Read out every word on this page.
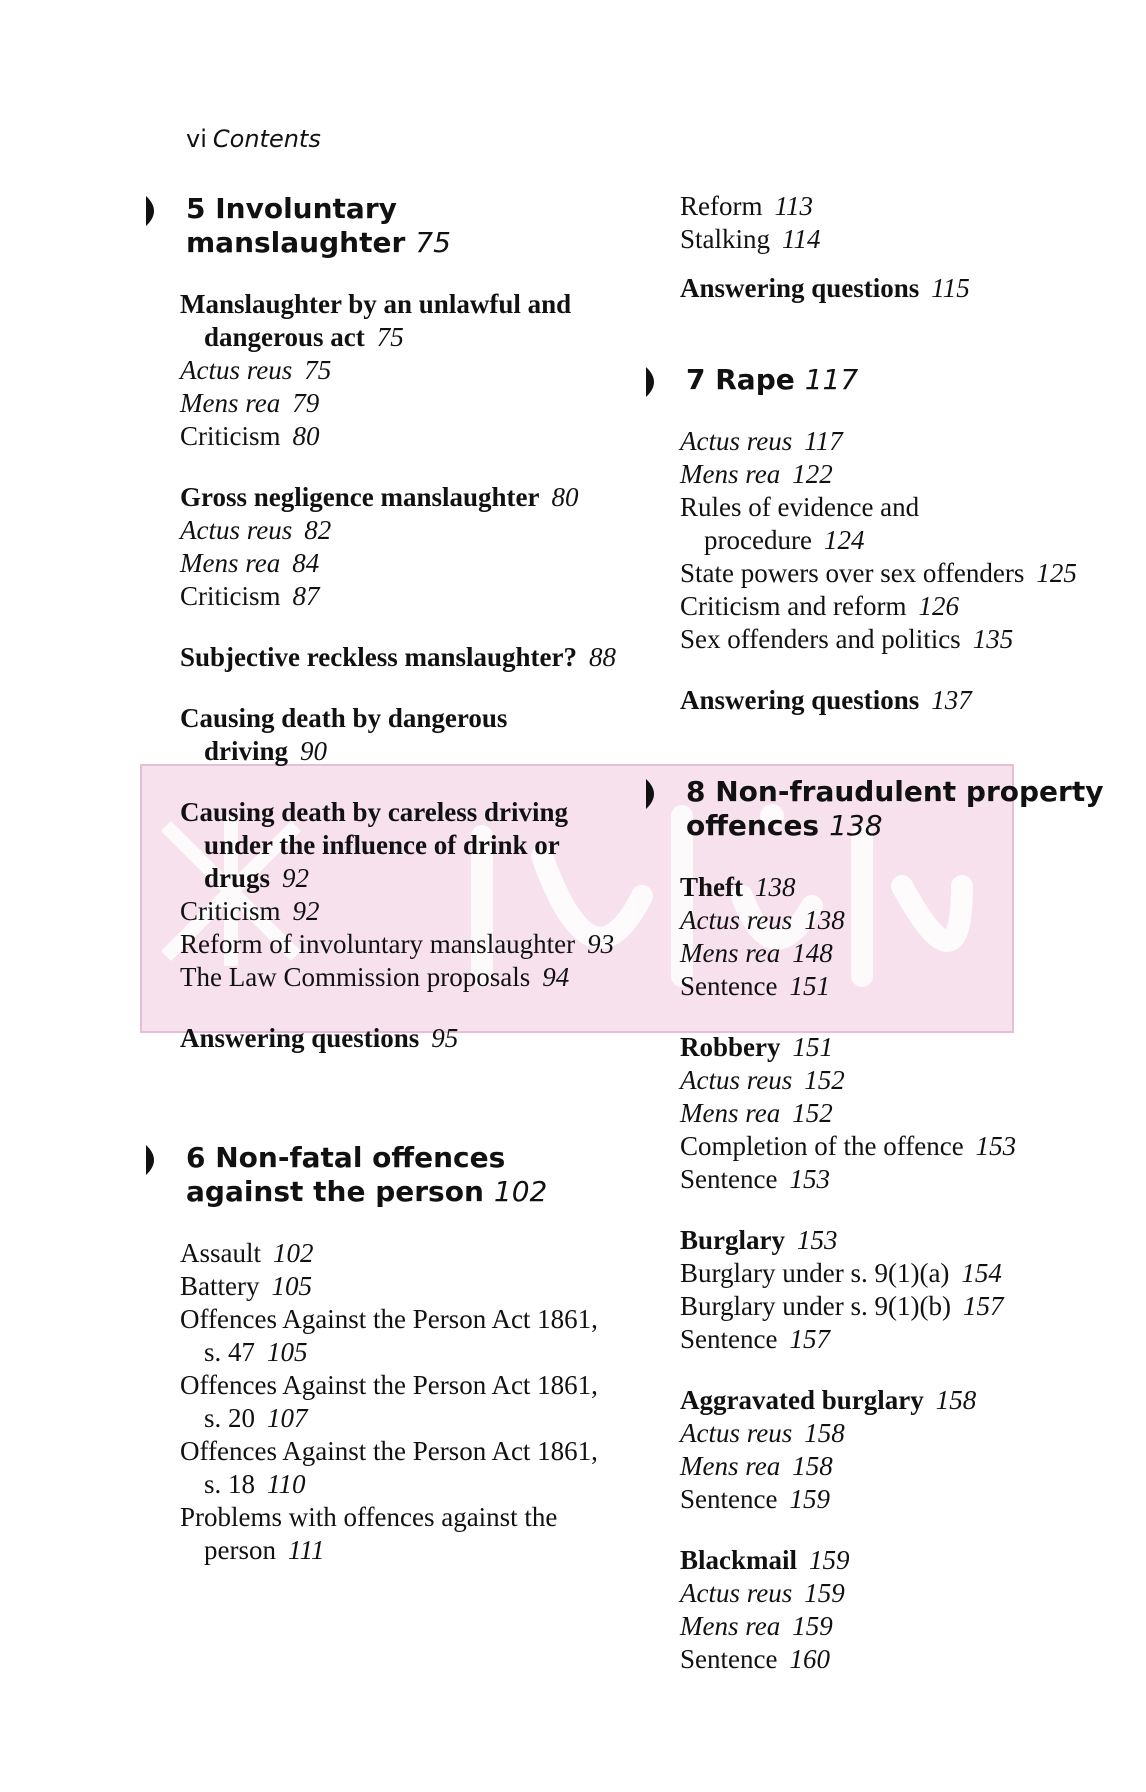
vi Contents
5 Involuntary manslaughter 75
Manslaughter by an unlawful and dangerous act 75
Actus reus 75
Mens rea 79
Criticism 80
Gross negligence manslaughter 80
Actus reus 82
Mens rea 84
Criticism 87
Subjective reckless manslaughter? 88
Causing death by dangerous driving 90
Causing death by careless driving under the influence of drink or drugs 92
Criticism 92
Reform of involuntary manslaughter 93
The Law Commission proposals 94
Answering questions 95
6 Non-fatal offences against the person 102
Assault 102
Battery 105
Offences Against the Person Act 1861, s. 47 105
Offences Against the Person Act 1861, s. 20 107
Offences Against the Person Act 1861, s. 18 110
Problems with offences against the person 111
Reform 113
Stalking 114
Answering questions 115
7 Rape 117
Actus reus 117
Mens rea 122
Rules of evidence and procedure 124
State powers over sex offenders 125
Criticism and reform 126
Sex offenders and politics 135
Answering questions 137
8 Non-fraudulent property offences 138
Theft 138
Actus reus 138
Mens rea 148
Sentence 151
Robbery 151
Actus reus 152
Mens rea 152
Completion of the offence 153
Sentence 153
Burglary 153
Burglary under s. 9(1)(a) 154
Burglary under s. 9(1)(b) 157
Sentence 157
Aggravated burglary 158
Actus reus 158
Mens rea 158
Sentence 159
Blackmail 159
Actus reus 159
Mens rea 159
Sentence 160
